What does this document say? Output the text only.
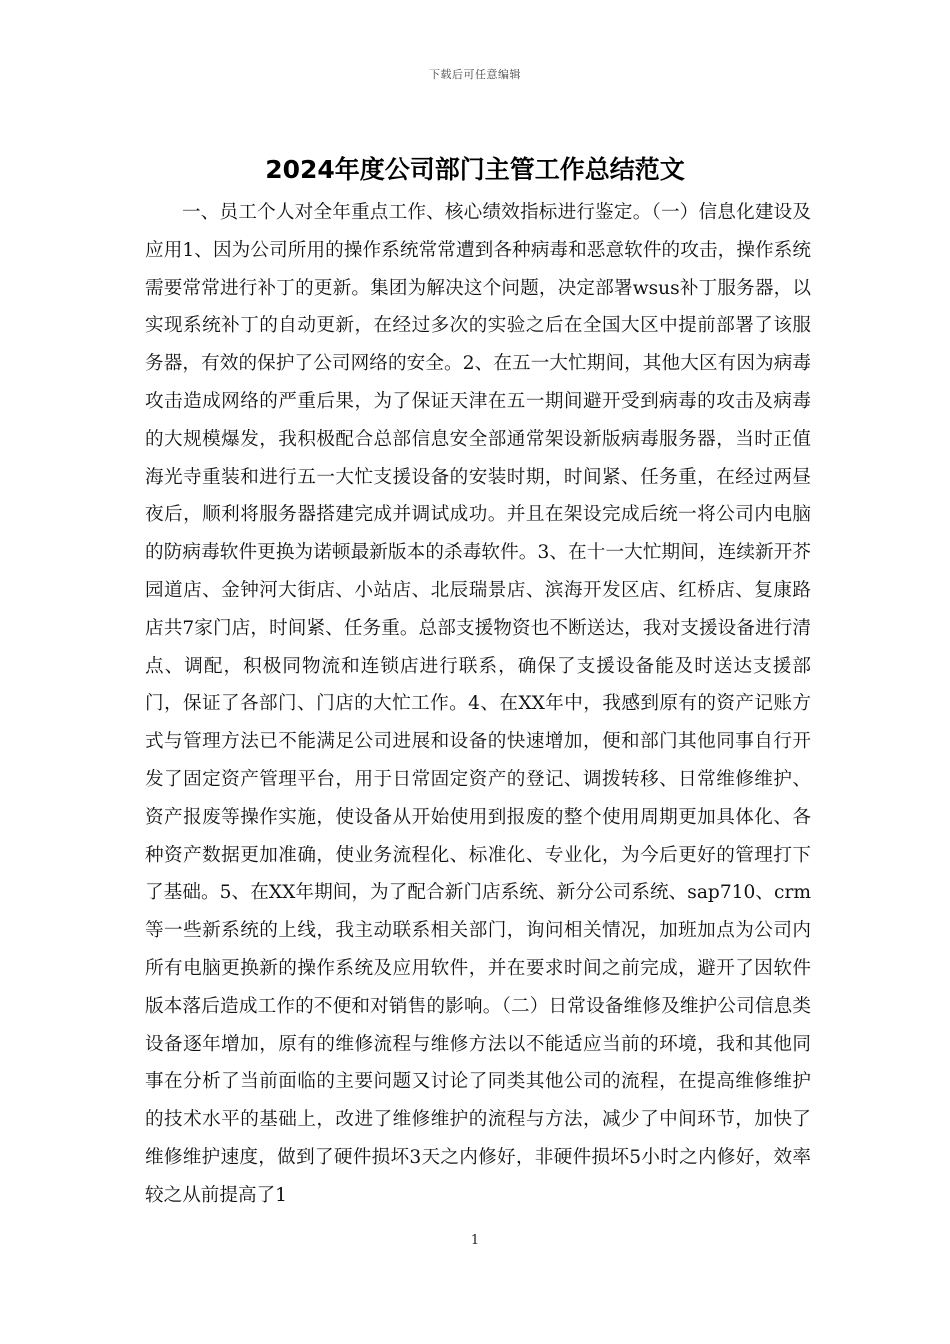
下载后可任意编辑
2024年度公司部门主管工作总结范文

一、员工个人对全年重点工作、核心绩效指标进行鉴定。（一）信息化建设及应用1、因为公司所用的操作系统常常遭到各种病毒和恶意软件的攻击，操作系统需要常常进行补丁的更新。集团为解决这个问题，决定部署wsus补丁服务器，以实现系统补丁的自动更新，在经过多次的实验之后在全国大区中提前部署了该服务器，有效的保护了公司网络的安全。2、在五一大忙期间，其他大区有因为病毒攻击造成网络的严重后果，为了保证天津在五一期间避开受到病毒的攻击及病毒的大规模爆发，我积极配合总部信息安全部通常架设新版病毒服务器，当时正值海光寺重装和进行五一大忙支援设备的安装时期，时间紧、任务重，在经过两昼夜后，顺利将服务器搭建完成并调试成功。并且在架设完成后统一将公司内电脑的防病毒软件更换为诺顿最新版本的杀毒软件。3、在十一大忙期间，连续新开芥园道店、金钟河大街店、小站店、北辰瑞景店、滨海开发区店、红桥店、复康路店共7家门店，时间紧、任务重。总部支援物资也不断送达，我对支援设备进行清点、调配，积极同物流和连锁店进行联系，确保了支援设备能及时送达支援部门，保证了各部门、门店的大忙工作。4、在XX年中，我感到原有的资产记账方式与管理方法已不能满足公司进展和设备的快速增加，便和部门其他同事自行开发了固定资产管理平台，用于日常固定资产的登记、调拨转移、日常维修维护、资产报废等操作实施，使设备从开始使用到报废的整个使用周期更加具体化、各种资产数据更加准确，使业务流程化、标准化、专业化，为今后更好的管理打下了基础。5、在XX年期间，为了配合新门店系统、新分公司系统、sap710、crm等一些新系统的上线，我主动联系相关部门，询问相关情况，加班加点为公司内所有电脑更换新的操作系统及应用软件，并在要求时间之前完成，避开了因软件版本落后造成工作的不便和对销售的影响。（二）日常设备维修及维护公司信息类设备逐年增加，原有的维修流程与维修方法以不能适应当前的环境，我和其他同事在分析了当前面临的主要问题又讨论了同类其他公司的流程，在提高维修维护的技术水平的基础上，改进了维修维护的流程与方法，减少了中间环节，加快了维修维护速度，做到了硬件损坏3天之内修好，非硬件损坏5小时之内修好，效率较之从前提高了1

1
